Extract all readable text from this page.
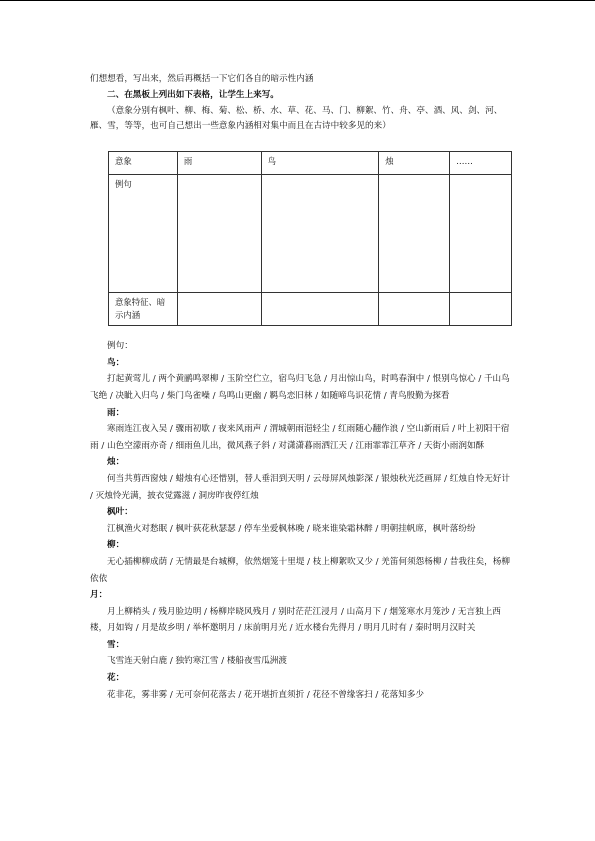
们想想看，写出来，然后再概括一下它们各自的暗示性内涵

二、在黑板上列出如下表格，让学生上来写。

（意象分别有枫叶、柳、梅、菊、松、桥、水、草、花、马、门、柳絮、竹、舟、亭、酒、风、剑、河、雁、雪，等等，也可自己想出一些意象内涵相对集中而且在古诗中较多见的来）

意象	雨	鸟	烛	……
例句				
意象特征、暗示内涵				

例句：

鸟：

打起黄莺儿 / 两个黄鹂鸣翠柳 / 玉阶空伫立，宿鸟归飞急 / 月出惊山鸟，时鸣春涧中 / 恨别鸟惊心 / 千山鸟飞绝 / 决眦入归鸟 / 柴门鸟雀噪 / 鸟鸣山更幽 / 羁鸟恋旧林 / 如随啼鸟识花情 / 青鸟殷勤为探看

雨：

寒雨连江夜入吴 / 骤雨初歇 / 夜来风雨声 / 渭城朝雨浥轻尘 / 红雨随心翻作浪 / 空山新雨后 / 叶上初阳干宿雨 / 山色空濛雨亦奇 / 细雨鱼儿出，微风燕子斜 / 对潇潇暮雨洒江天 / 江雨霏霏江草齐 / 天街小雨润如酥

烛：

何当共剪西窗烛 / 蜡烛有心还惜别，替人垂泪到天明 / 云母屏风烛影深 / 银烛秋光泛画屏 / 红烛自怜无好计 / 灭烛怜光满，披衣觉露滋 / 洞房昨夜停红烛

枫叶：

江枫渔火对愁眠 / 枫叶荻花秋瑟瑟 / 停车坐爱枫林晚 / 晓来谁染霜林醉 / 明朝挂帆席，枫叶落纷纷

柳：

无心插柳柳成荫 / 无情最是台城柳，依然烟笼十里堤 / 枝上柳絮吹又少 / 羌笛何须怨杨柳 / 昔我往矣，杨柳依依

月：

月上柳梢头 / 残月脸边明 / 杨柳岸晓风残月 / 别时茫茫江浸月 / 山高月下 / 烟笼寒水月笼沙 / 无言独上西楼，月如钩 / 月是故乡明 / 举杯邀明月 / 床前明月光 / 近水楼台先得月 / 明月几时有 / 秦时明月汉时关

雪：

飞雪连天射白鹿 / 独钓寒江雪 / 楼船夜雪瓜洲渡

花：

花非花，雾非雾 / 无可奈何花落去 / 花开堪折直须折 / 花径不曾缘客扫 / 花落知多少
